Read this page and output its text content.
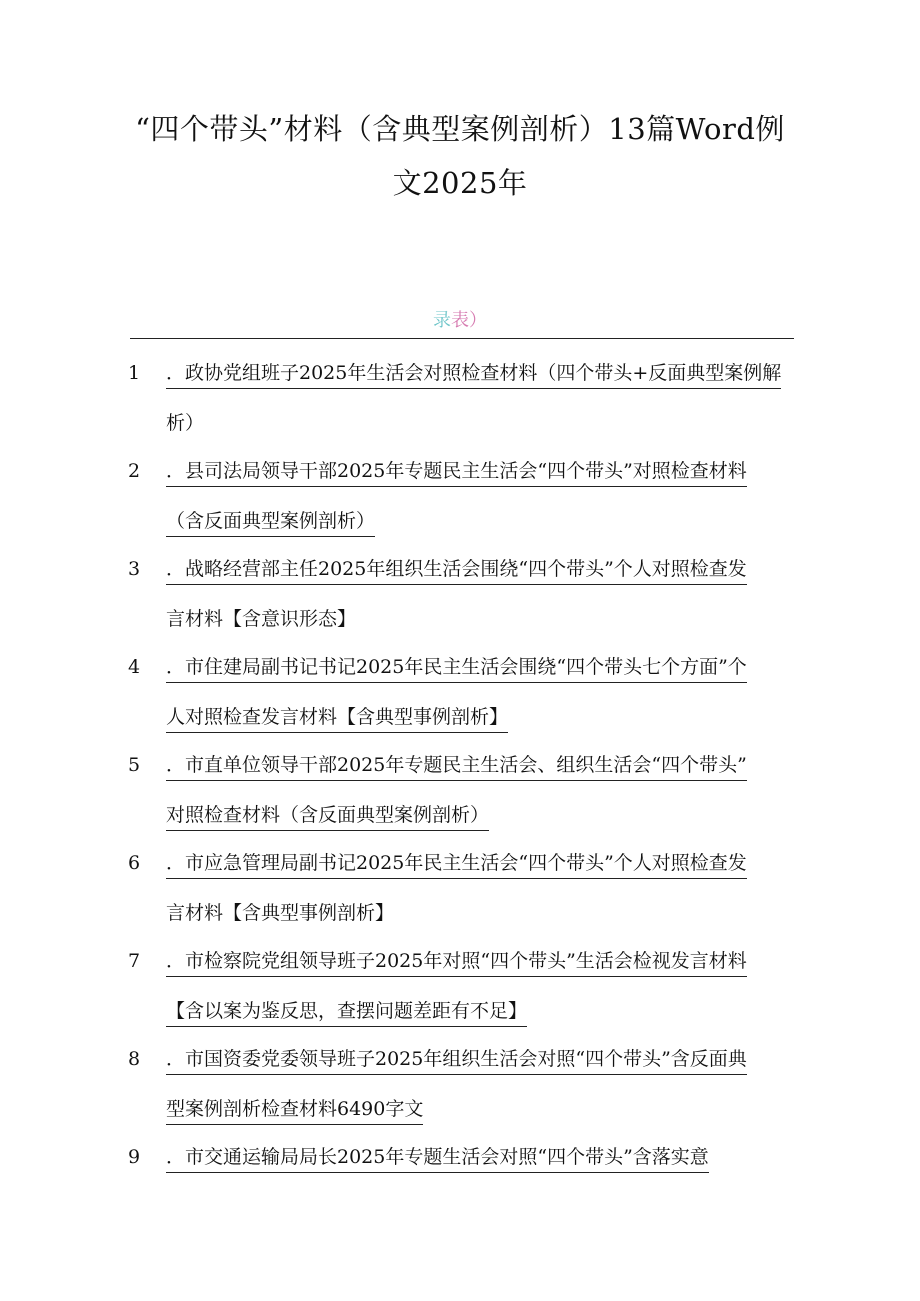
“四个带头”材料（含典型案例剖析）13篇Word例
文2025年
录表）
1	．政协党组班子2025年生活会对照检查材料（四个带头+反面典型案例解
析）
2	．县司法局领导干部2025年专题民主生活会“四个带头”对照检查材料
（含反面典型案例剖析）
3	．战略经营部主任2025年组织生活会围绕“四个带头”个人对照检查发
言材料【含意识形态】
4	．市住建局副书记书记2025年民主生活会围绕“四个带头七个方面”个
人对照检查发言材料【含典型事例剖析】
5	．市直单位领导干部2025年专题民主生活会、组织生活会“四个带头”
对照检查材料（含反面典型案例剖析）
6	．市应急管理局副书记2025年民主生活会“四个带头”个人对照检查发
言材料【含典型事例剖析】
7	．市检察院党组领导班子2025年对照“四个带头”生活会检视发言材料
【含以案为鉴反思，查摆问题差距有不足】
8	．市国资委党委领导班子2025年组织生活会对照“四个带头”含反面典
型案例剖析检查材料6490字文
9	．市交通运输局局长2025年专题生活会对照“四个带头”含落实意
